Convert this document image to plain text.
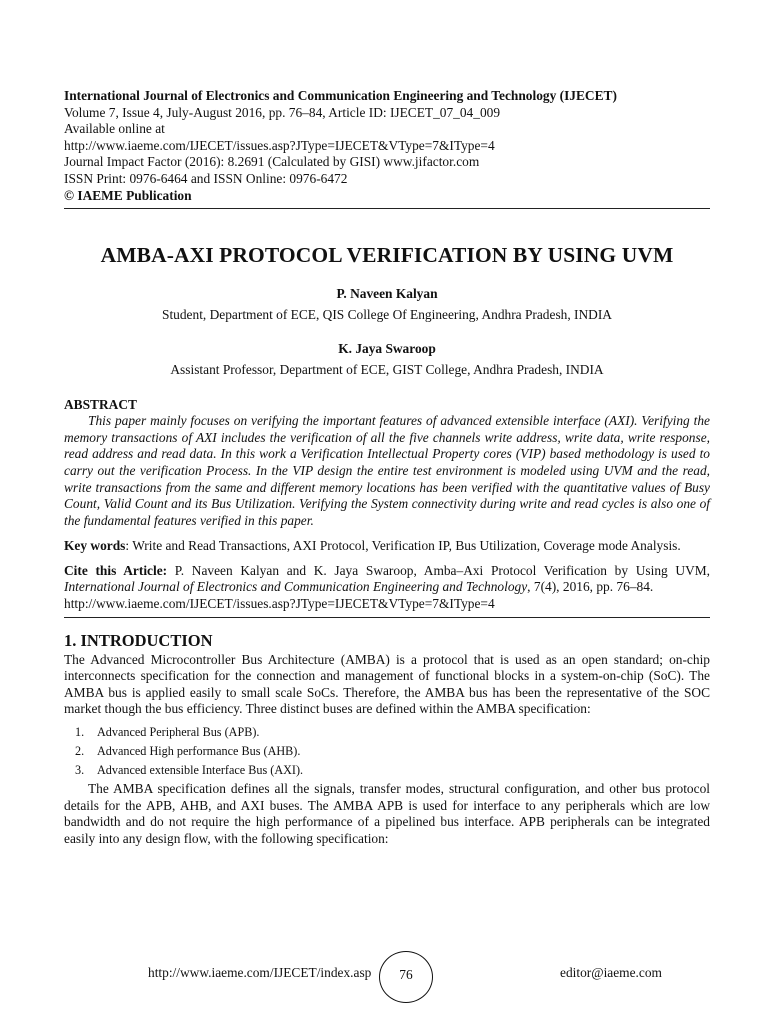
International Journal of Electronics and Communication Engineering and Technology (IJECET)

Volume 7, Issue 4, July-August 2016, pp. 76–84, Article ID: IJECET_07_04_009

Available online at

http://www.iaeme.com/IJECET/issues.asp?JType=IJECET&VType=7&IType=4

Journal Impact Factor (2016): 8.2691 (Calculated by GISI) www.jifactor.com

ISSN Print: 0976-6464 and ISSN Online: 0976-6472

© IAEME Publication

AMBA-AXI PROTOCOL VERIFICATION BY USING UVM

P. Naveen Kalyan

Student, Department of ECE, QIS College Of Engineering, Andhra Pradesh, INDIA

K. Jaya Swaroop

Assistant Professor, Department of ECE, GIST College, Andhra Pradesh, INDIA

ABSTRACT

This paper mainly focuses on verifying the important features of advanced extensible interface (AXI). Verifying the memory transactions of AXI includes the verification of all the five channels write address, write data, write response, read address and read data. In this work a Verification Intellectual Property cores (VIP) based methodology is used to carry out the verification Process. In the VIP design the entire test environment is modeled using UVM and the read, write transactions from the same and different memory locations has been verified with the quantitative values of Busy Count, Valid Count and its Bus Utilization. Verifying the System connectivity during write and read cycles is also one of the fundamental features verified in this paper.

Key words: Write and Read Transactions, AXI Protocol, Verification IP, Bus Utilization, Coverage mode Analysis.

Cite this Article: P. Naveen Kalyan and K. Jaya Swaroop, Amba–Axi Protocol Verification by Using UVM, International Journal of Electronics and Communication Engineering and Technology, 7(4), 2016, pp. 76–84.
http://www.iaeme.com/IJECET/issues.asp?JType=IJECET&VType=7&IType=4

1. INTRODUCTION

The Advanced Microcontroller Bus Architecture (AMBA) is a protocol that is used as an open standard; on-chip interconnects specification for the connection and management of functional blocks in a system-on-chip (SoC). The AMBA bus is applied easily to small scale SoCs. Therefore, the AMBA bus has been the representative of the SOC market though the bus efficiency. Three distinct buses are defined within the AMBA specification:

1.	Advanced Peripheral Bus (APB).
2.	Advanced High performance Bus (AHB).
3.	Advanced extensible Interface Bus (AXI).

The AMBA specification defines all the signals, transfer modes, structural configuration, and other bus protocol details for the APB, AHB, and AXI buses. The AMBA APB is used for interface to any peripherals which are low bandwidth and do not require the high performance of a pipelined bus interface. APB peripherals can be integrated easily into any design flow, with the following specification:

http://www.iaeme.com/IJECET/index.asp	76	editor@iaeme.com
